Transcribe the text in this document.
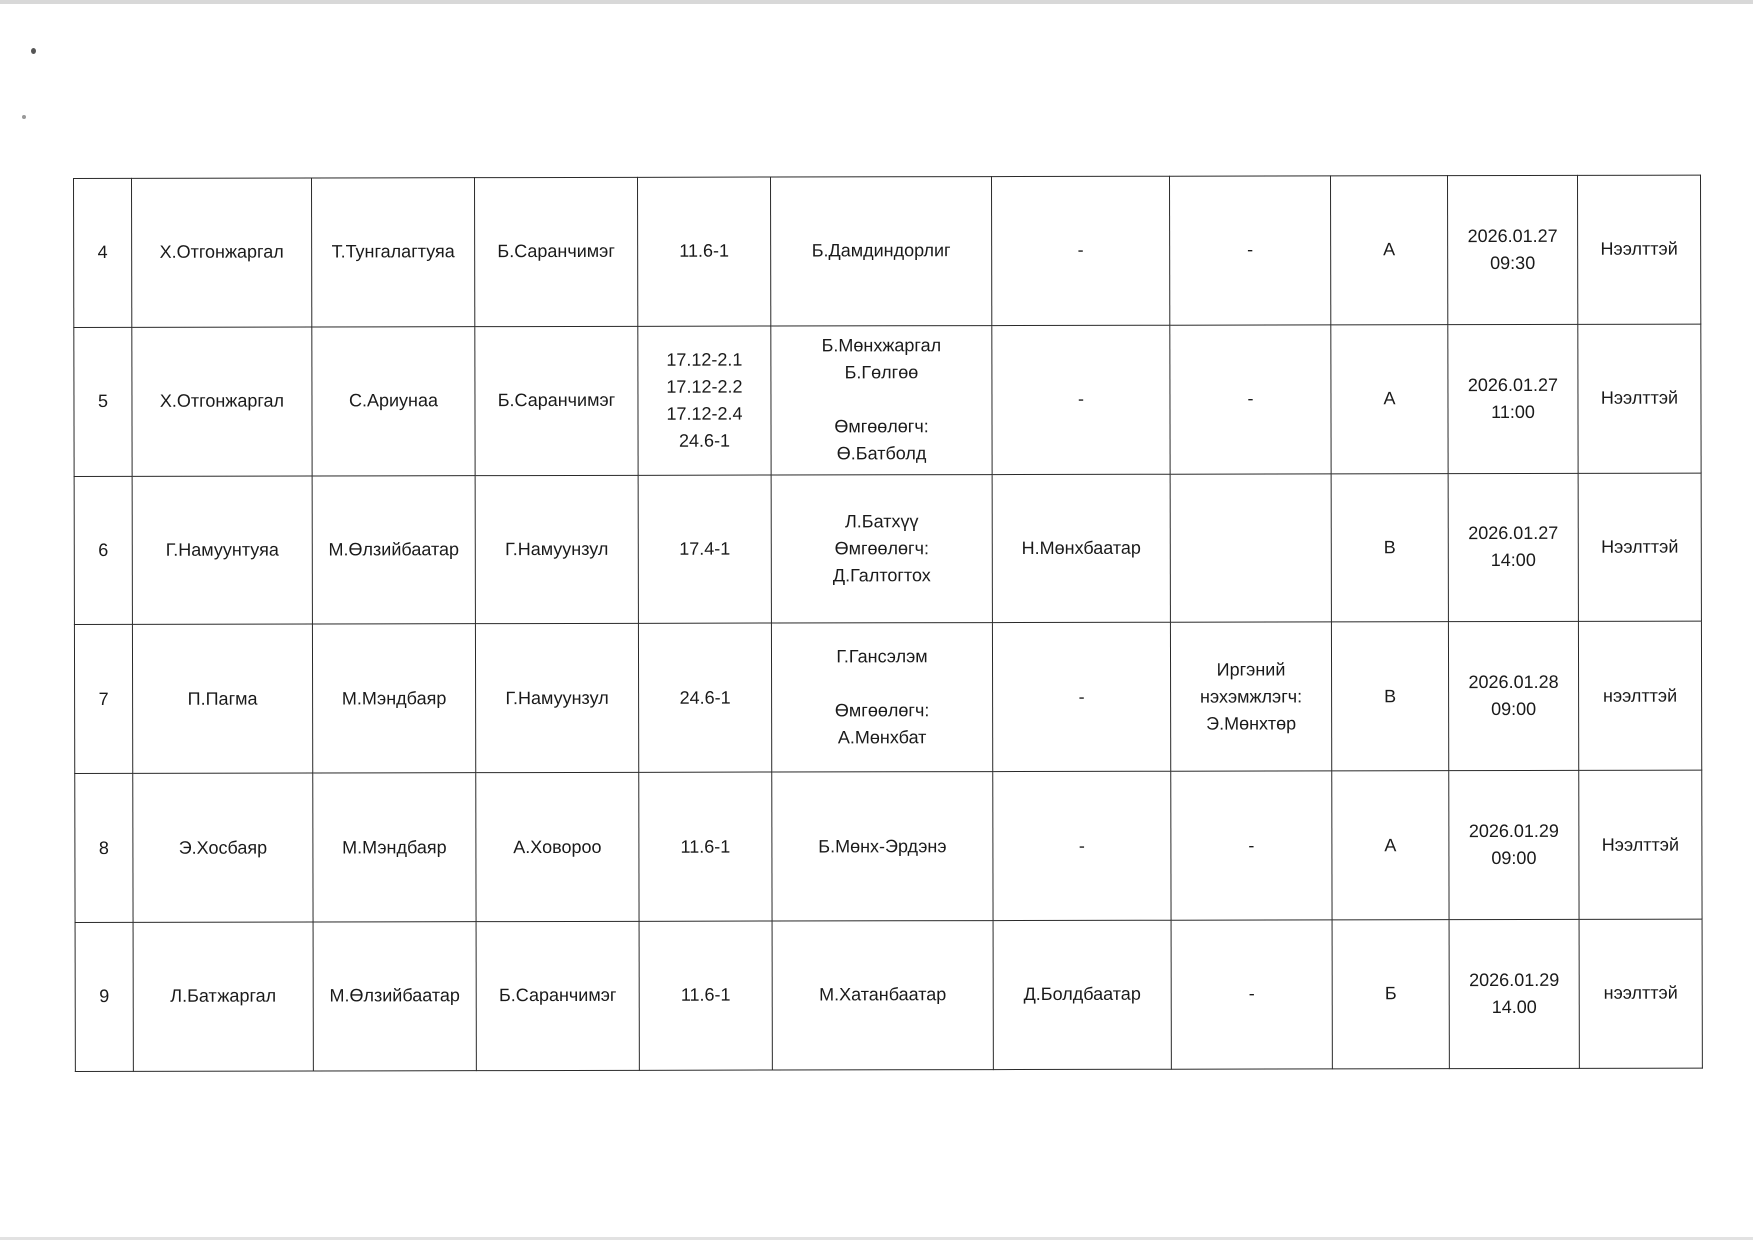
4	Х.Отгонжаргал	Т.Тунгалагтуяа	Б.Саранчимэг	11.6-1	Б.Дамдиндорлиг	-	-	А	2026.01.27
09:30	Нээлттэй

5	Х.Отгонжаргал	С.Ариунаа	Б.Саранчимэг	17.12-2.1
17.12-2.2
17.12-2.4
24.6-1	Б.Мөнхжаргал
Б.Гөлгөө
Өмгөөлөгч:
Ө.Батболд	-	-	А	2026.01.27
11:00	Нээлттэй

6	Г.Намуунтуяа	М.Өлзийбаатар	Г.Намуунзул	17.4-1	Л.Батхүү
Өмгөөлөгч:
Д.Галтогтох	Н.Мөнхбаатар		В	2026.01.27
14:00	Нээлттэй

7	П.Пагма	М.Мэндбаяр	Г.Намуунзул	24.6-1	Г.Гансэлэм
Өмгөөлөгч:
А.Мөнхбат	-	Иргэний
нэхэмжлэгч:
Э.Мөнхтөр	В	2026.01.28
09:00	нээлттэй

8	Э.Хосбаяр	М.Мэндбаяр	А.Ховороо	11.6-1	Б.Мөнх-Эрдэнэ	-	-	А	2026.01.29
09:00	Нээлттэй

9	Л.Батжаргал	М.Өлзийбаатар	Б.Саранчимэг	11.6-1	М.Хатанбаатар	Д.Болдбаатар	-	Б	2026.01.29
14.00	нээлттэй
